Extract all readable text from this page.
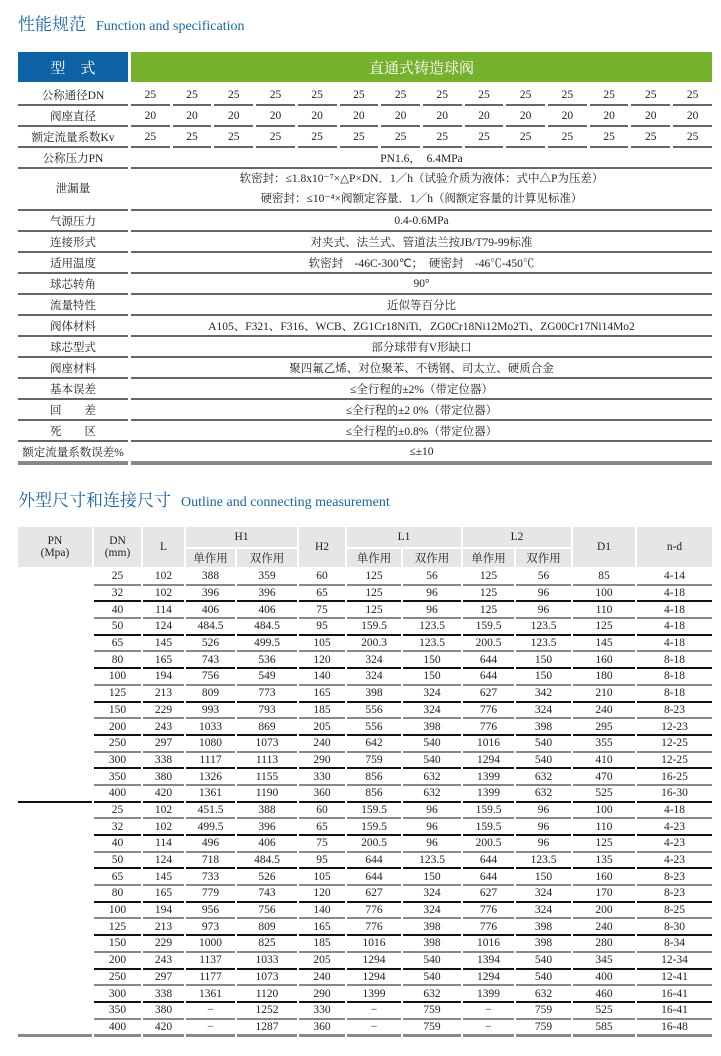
性能规范 Function and specification
型　式	直通式铸造球阀													
公称通径DN	25	25	25	25	25	25	25	25	25	25	25	25	25	25
阀座直径	20	20	20	20	20	20	20	20	20	20	20	20	20	20
额定流量系数Kv	25	25	25	25	25	25	25	25	25	25	25	25	25	25
公称压力PN	PN1.6，　6.4MPa													
泄漏量	软密封：≤1.8x10⁻⁷×△P×DN．1／h（试验介质为液体：式中△P为压差）
硬密封：≤10⁻⁴×阀额定容量．1／h（阀额定容量的计算见标准）													

气源压力	0.4-0.6MPa													
连接形式	对夹式、法兰式、管道法兰按JB/T79-99标准													
适用温度	软密封　-46C-300℃；　硬密封　-46℃-450℃													
球芯转角	90°													
流量特性	近似等百分比													
阀体材料	A105、F321、F316、WCB、ZG1Cr18NiTi．ZG0Cr18Ni12Mo2Ti、ZG00Cr17Ni14Mo2													
球芯型式	部分球带有V形缺口													
阀座材料	聚四氟乙烯、对位聚苯、不锈钢、司太立、硬质合金													
基本误差	≤全行程的±2%（带定位器）													
回　　差	≤全行程的±2 0%（带定位器）													
死　　区	≤全行程的±0.8%（带定位器）													
额定流量系数误差%	≤±10													
外型尺寸和连接尺寸 Outline and connecting measurement
PN
(Mpa)	DN
(mm)	L	H1		H2	L1		L2		D1	n-d
			单作用	双作用		单作用	双作用	单作用	双作用		
	25	102	388	359	60	125	56	125	56	85	4-14
	32	102	396	396	65	125	96	125	96	100	4-18
	40	114	406	406	75	125	96	125	96	110	4-18
	50	124	484.5	484.5	95	159.5	123.5	159.5	123.5	125	4-18
	65	145	526	499.5	105	200.3	123.5	200.5	123.5	145	4-18
	80	165	743	536	120	324	150	644	150	160	8-18
	100	194	756	549	140	324	150	644	150	180	8-18
	125	213	809	773	165	398	324	627	342	210	8-18
	150	229	993	793	185	556	324	776	324	240	8-23
	200	243	1033	869	205	556	398	776	398	295	12-23
	250	297	1080	1073	240	642	540	1016	540	355	12-25
	300	338	1117	1113	290	759	540	1294	540	410	12-25
	350	380	1326	1155	330	856	632	1399	632	470	16-25
	400	420	1361	1190	360	856	632	1399	632	525	16-30
	25	102	451.5	388	60	159.5	96	159.5	96	100	4-18
	32	102	499.5	396	65	159.5	96	159.5	96	110	4-23
	40	114	496	406	75	200.5	96	200.5	96	125	4-23
	50	124	718	484.5	95	644	123.5	644	123.5	135	4-23
	65	145	733	526	105	644	150	644	150	160	8-23
	80	165	779	743	120	627	324	627	324	170	8-23
	100	194	956	756	140	776	324	776	324	200	8-25
	125	213	973	809	165	776	398	776	398	240	8-30
	150	229	1000	825	185	1016	398	1016	398	280	8-34
	200	243	1137	1033	205	1294	540	1394	540	345	12-34
	250	297	1177	1073	240	1294	540	1294	540	400	12-41
	300	338	1361	1120	290	1399	632	1399	632	460	16-41
	350	380	−	1252	330	−	759	−	759	525	16-41
	400	420	−	1287	360	−	759	−	759	585	16-48
